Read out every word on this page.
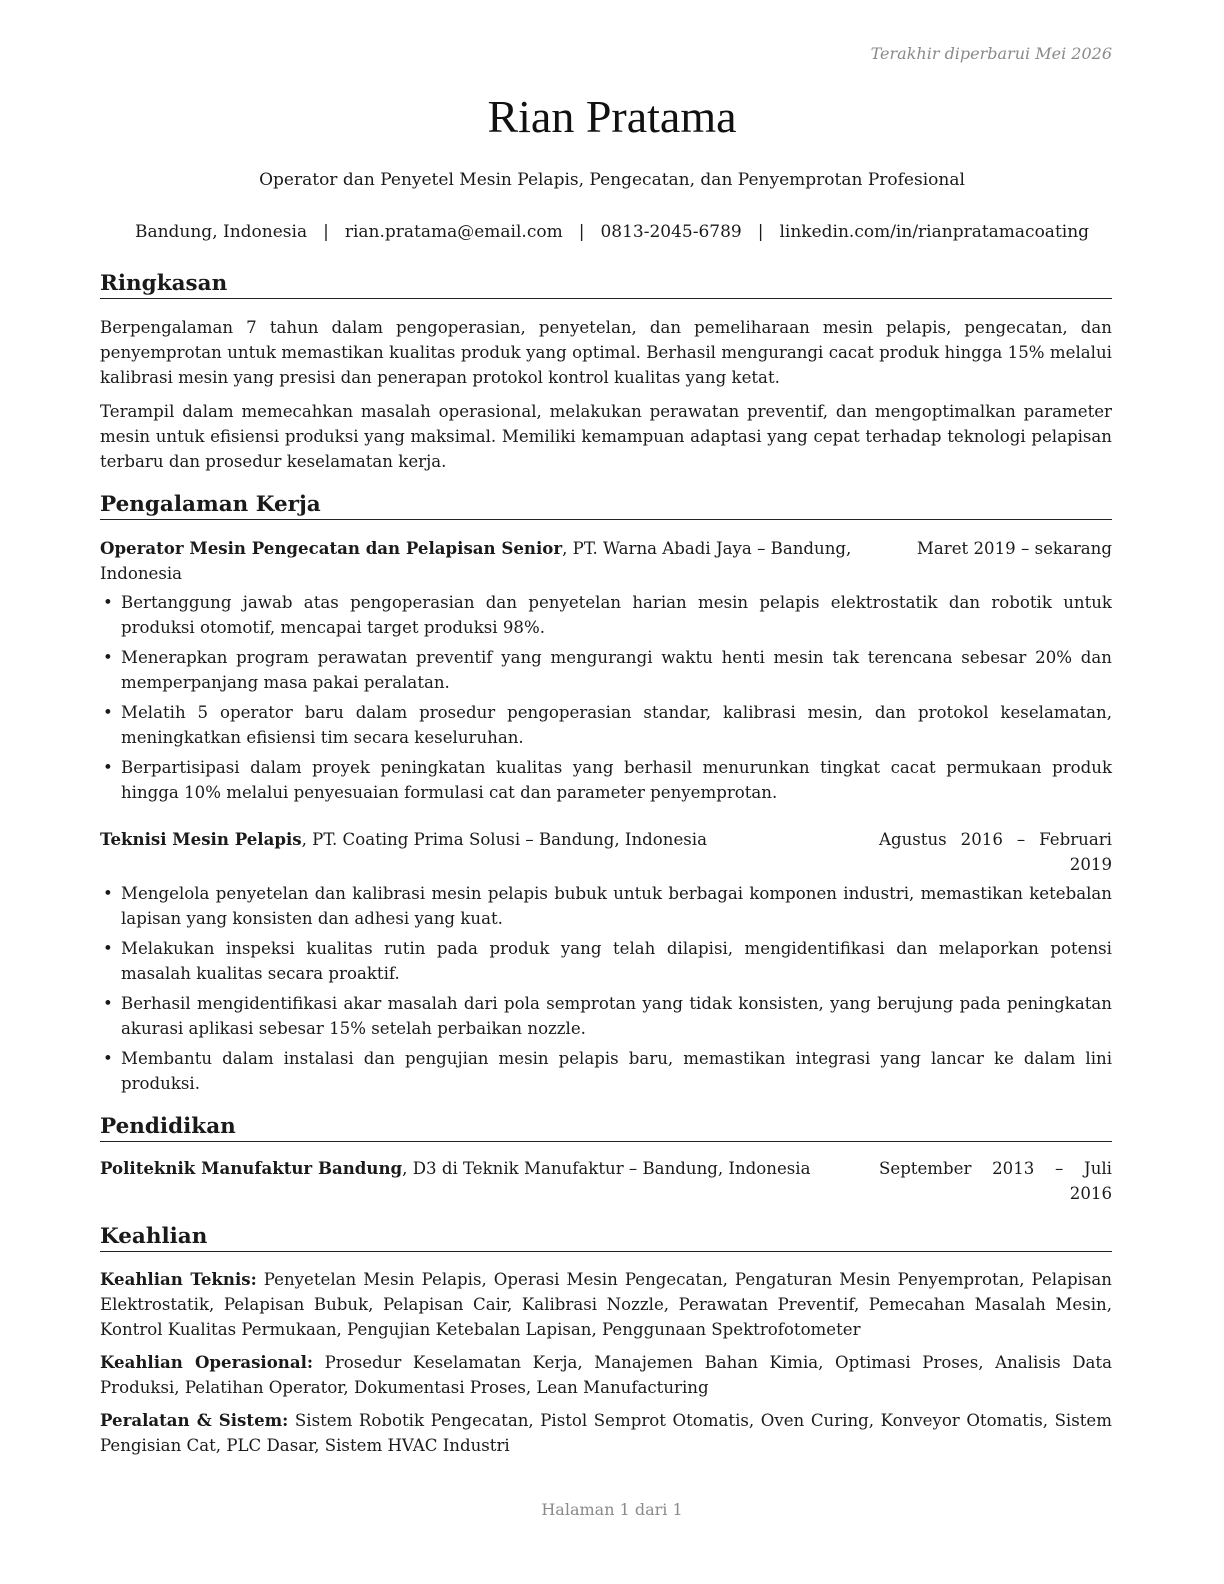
Terakhir diperbarui Mei 2026
Rian Pratama
Operator dan Penyetel Mesin Pelapis, Pengecatan, dan Penyemprotan Profesional
Bandung, Indonesia | rian.pratama@email.com | 0813-2045-6789 | linkedin.com/in/rianpratamacoating
Ringkasan

Berpengalaman 7 tahun dalam pengoperasian, penyetelan, dan pemeliharaan mesin pelapis, pengecatan, dan penyemprotan untuk memastikan kualitas produk yang optimal. Berhasil mengurangi cacat produk hingga 15% melalui kalibrasi mesin yang presisi dan penerapan protokol kontrol kualitas yang ketat.

Terampil dalam memecahkan masalah operasional, melakukan perawatan preventif, dan mengoptimalkan parameter mesin untuk efisiensi produksi yang maksimal. Memiliki kemampuan adaptasi yang cepat terhadap teknologi pelapisan terbaru dan prosedur keselamatan kerja.

Pengalaman Kerja
Operator Mesin Pengecatan dan Pelapisan Senior, PT. Warna Abadi Jaya – Bandung, Indonesia
Maret 2019 – sekarang
• Bertanggung jawab atas pengoperasian dan penyetelan harian mesin pelapis elektrostatik dan robotik untuk produksi otomotif, mencapai target produksi 98%.
• Menerapkan program perawatan preventif yang mengurangi waktu henti mesin tak terencana sebesar 20% dan memperpanjang masa pakai peralatan.
• Melatih 5 operator baru dalam prosedur pengoperasian standar, kalibrasi mesin, dan protokol keselamatan, meningkatkan efisiensi tim secara keseluruhan.
• Berpartisipasi dalam proyek peningkatan kualitas yang berhasil menurunkan tingkat cacat permukaan produk hingga 10% melalui penyesuaian formulasi cat dan parameter penyemprotan.
Teknisi Mesin Pelapis, PT. Coating Prima Solusi – Bandung, Indonesia	Agustus 2016 – Februari
2019
• Mengelola penyetelan dan kalibrasi mesin pelapis bubuk untuk berbagai komponen industri, memastikan ketebalan lapisan yang konsisten dan adhesi yang kuat.
• Melakukan inspeksi kualitas rutin pada produk yang telah dilapisi, mengidentifikasi dan melaporkan potensi masalah kualitas secara proaktif.
• Berhasil mengidentifikasi akar masalah dari pola semprotan yang tidak konsisten, yang berujung pada peningkatan akurasi aplikasi sebesar 15% setelah perbaikan nozzle.
• Membantu dalam instalasi dan pengujian mesin pelapis baru, memastikan integrasi yang lancar ke dalam lini produksi.
Pendidikan
Politeknik Manufaktur Bandung, D3 di Teknik Manufaktur – Bandung, Indonesia	September 2013 – Juli
2016
Keahlian

Keahlian Teknis: Penyetelan Mesin Pelapis, Operasi Mesin Pengecatan, Pengaturan Mesin Penyemprotan, Pelapisan Elektrostatik, Pelapisan Bubuk, Pelapisan Cair, Kalibrasi Nozzle, Perawatan Preventif, Pemecahan Masalah Mesin, Kontrol Kualitas Permukaan, Pengujian Ketebalan Lapisan, Penggunaan Spektrofotometer

Keahlian Operasional: Prosedur Keselamatan Kerja, Manajemen Bahan Kimia, Optimasi Proses, Analisis Data Produksi, Pelatihan Operator, Dokumentasi Proses, Lean Manufacturing

Peralatan & Sistem: Sistem Robotik Pengecatan, Pistol Semprot Otomatis, Oven Curing, Konveyor Otomatis, Sistem Pengisian Cat, PLC Dasar, Sistem HVAC Industri

Halaman 1 dari 1
